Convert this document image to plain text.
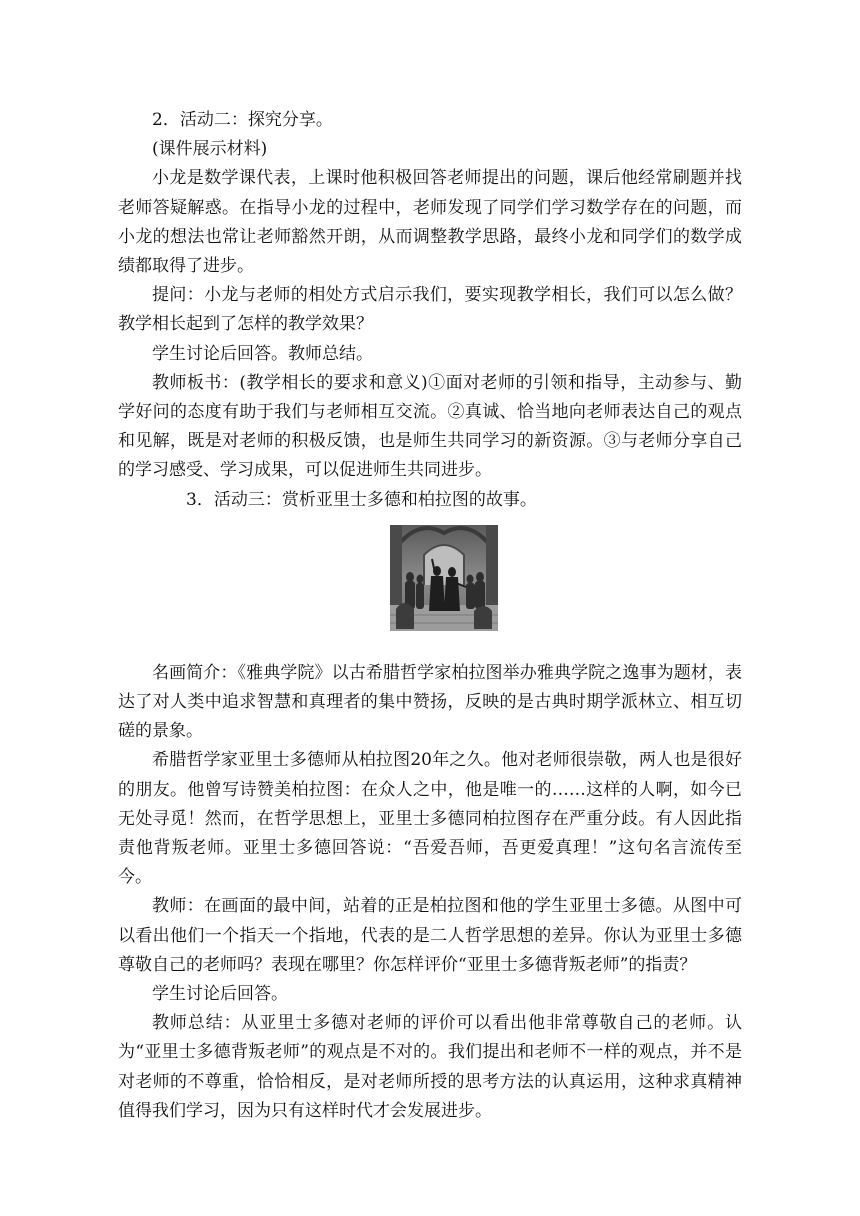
2．活动二：探究分享。

(课件展示材料)

小龙是数学课代表，上课时他积极回答老师提出的问题，课后他经常刷题并找老师答疑解惑。在指导小龙的过程中，老师发现了同学们学习数学存在的问题，而小龙的想法也常让老师豁然开朗，从而调整教学思路，最终小龙和同学们的数学成绩都取得了进步。

提问：小龙与老师的相处方式启示我们，要实现教学相长，我们可以怎么做？教学相长起到了怎样的教学效果？

学生讨论后回答。教师总结。

教师板书：(教学相长的要求和意义)①面对老师的引领和指导，主动参与、勤学好问的态度有助于我们与老师相互交流。②真诚、恰当地向老师表达自己的观点和见解，既是对老师的积极反馈，也是师生共同学习的新资源。③与老师分享自己的学习感受、学习成果，可以促进师生共同进步。

3．活动三：赏析亚里士多德和柏拉图的故事。

名画简介：《雅典学院》以古希腊哲学家柏拉图举办雅典学院之逸事为题材，表达了对人类中追求智慧和真理者的集中赞扬，反映的是古典时期学派林立、相互切磋的景象。

希腊哲学家亚里士多德师从柏拉图20年之久。他对老师很崇敬，两人也是很好的朋友。他曾写诗赞美柏拉图：在众人之中，他是唯一的……这样的人啊，如今已无处寻觅！然而，在哲学思想上，亚里士多德同柏拉图存在严重分歧。有人因此指责他背叛老师。亚里士多德回答说：“吾爱吾师，吾更爱真理！”这句名言流传至今。

教师：在画面的最中间，站着的正是柏拉图和他的学生亚里士多德。从图中可以看出他们一个指天一个指地，代表的是二人哲学思想的差异。你认为亚里士多德尊敬自己的老师吗？表现在哪里？你怎样评价“亚里士多德背叛老师”的指责？

学生讨论后回答。

教师总结：从亚里士多德对老师的评价可以看出他非常尊敬自己的老师。认为“亚里士多德背叛老师”的观点是不对的。我们提出和老师不一样的观点，并不是对老师的不尊重，恰恰相反，是对老师所授的思考方法的认真运用，这种求真精神值得我们学习，因为只有这样时代才会发展进步。
